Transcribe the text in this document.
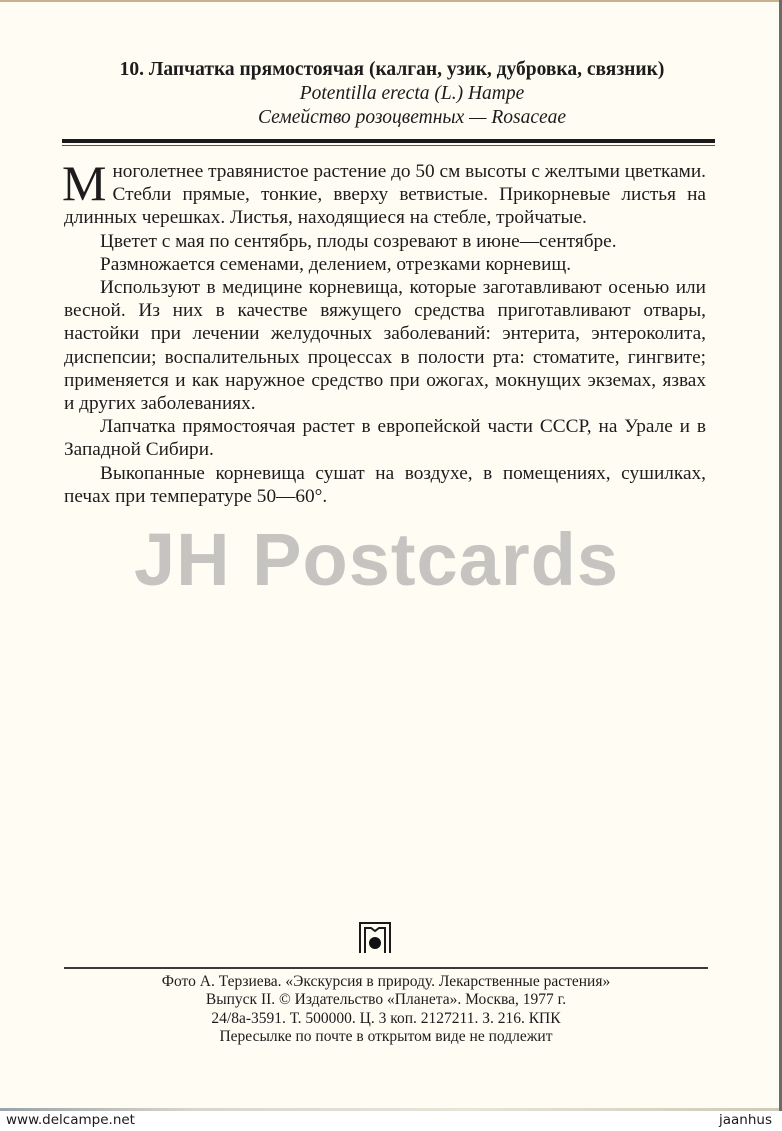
10. Лапчатка прямостоячая (калган, узик, дубровка, связник)
Potentilla erecta (L.) Hampe
Семейство розоцветных — Rosaceae

Многолетнее травянистое растение до 50 см высоты с желтыми цветками. Стебли прямые, тонкие, вверху ветвистые. Прикорневые листья на длинных черешках. Листья, находящиеся на стебле, тройчатые.

Цветет с мая по сентябрь, плоды созревают в июне—сентябре.

Размножается семенами, делением, отрезками корневищ.

Используют в медицине корневища, которые заготавливают осенью или весной. Из них в качестве вяжущего средства приготавливают отвары, настойки при лечении желудочных заболеваний: энтерита, энтероколита, диспепсии; воспалительных процессах в полости рта: стоматите, гингвите; применяется и как наружное средство при ожогах, мокнущих экземах, язвах и других заболеваниях.

Лапчатка прямостоячая растет в европейской части СССР, на Урале и в Западной Сибири.

Выкопанные корневища сушат на воздухе, в помещениях, сушилках, печах при температуре 50—60°.

JH Postcards
Фото А. Терзиева. «Экскурсия в природу. Лекарственные растения»
Выпуск II. © Издательство «Планета». Москва, 1977 г.
24/8а-3591. Т. 500000. Ц. 3 коп. 2127211. З. 216. КПК
Пересылке по почте в открытом виде не подлежит
www.delcampe.net	jaanhus
